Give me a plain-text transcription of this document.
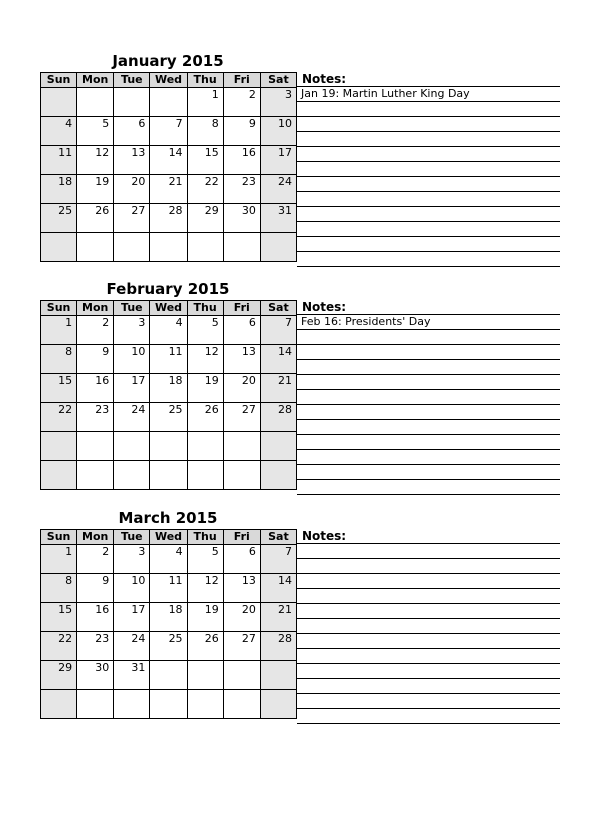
January 2015
Sun	Mon	Tue	Wed	Thu	Fri	Sat

				1	2	3

4	5	6	7	8	9	10

11	12	13	14	15	16	17

18	19	20	21	22	23	24

25	26	27	28	29	30	31

Notes:
Jan 19: Martin Luther King Day
February 2015
Sun	Mon	Tue	Wed	Thu	Fri	Sat

1	2	3	4	5	6	7

8	9	10	11	12	13	14

15	16	17	18	19	20	21

22	23	24	25	26	27	28

Notes:
Feb 16: Presidents' Day
March 2015
Sun	Mon	Tue	Wed	Thu	Fri	Sat

1	2	3	4	5	6	7

8	9	10	11	12	13	14

15	16	17	18	19	20	21

22	23	24	25	26	27	28

29	30	31				

Notes:
